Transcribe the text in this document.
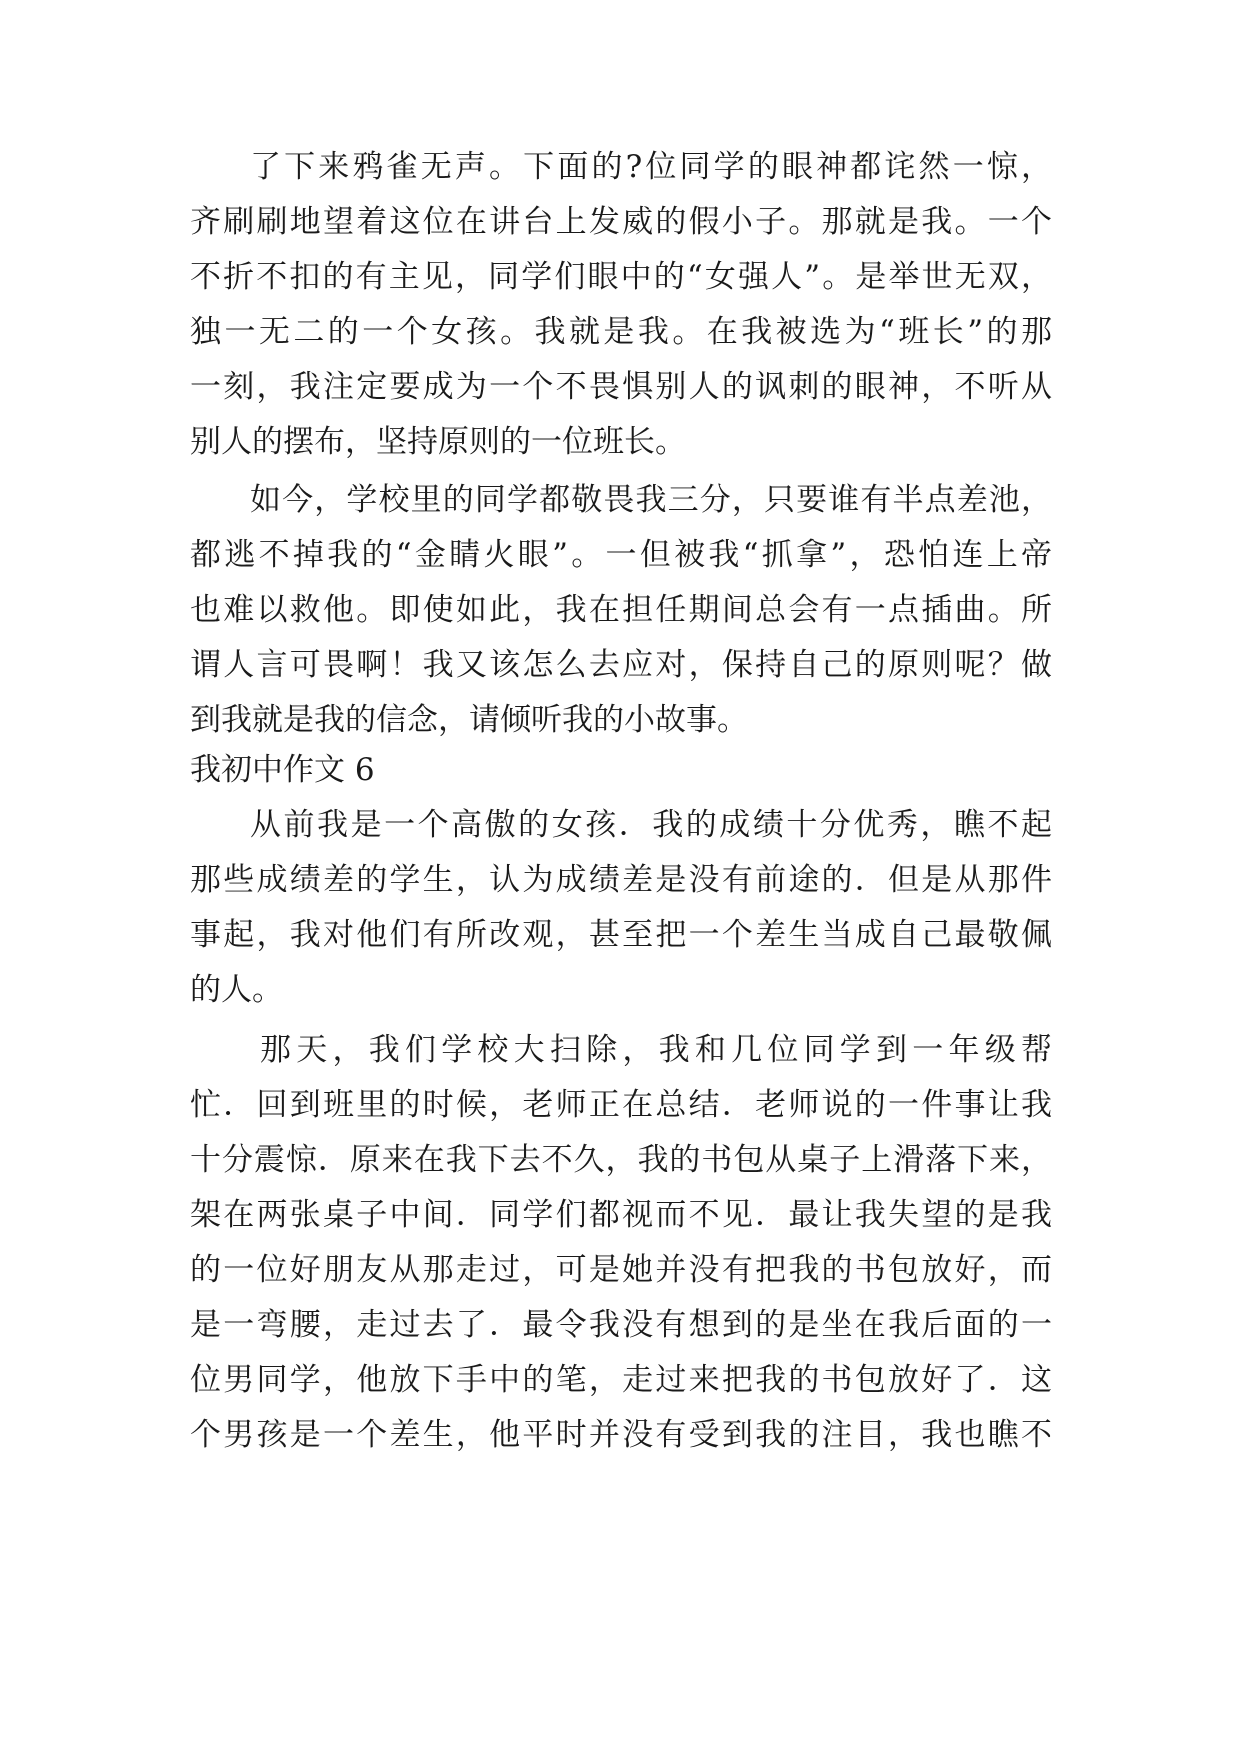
了下来鸦雀无声。下面的?位同学的眼神都诧然一惊，
齐刷刷地望着这位在讲台上发威的假小子。那就是我。一个
不折不扣的有主见，同学们眼中的“女强人”。是举世无双，
独一无二的一个女孩。我就是我。在我被选为“班长”的那
一刻，我注定要成为一个不畏惧别人的讽刺的眼神，不听从
别人的摆布，坚持原则的一位班长。
如今，学校里的同学都敬畏我三分，只要谁有半点差池，
都逃不掉我的“金睛火眼”。一但被我“抓拿”，恐怕连上帝
也难以救他。即使如此，我在担任期间总会有一点插曲。所
谓人言可畏啊！我又该怎么去应对，保持自己的原则呢？做
到我就是我的信念，请倾听我的小故事。
我初中作文 6
从前我是一个高傲的女孩．我的成绩十分优秀，瞧不起
那些成绩差的学生，认为成绩差是没有前途的．但是从那件
事起，我对他们有所改观，甚至把一个差生当成自己最敬佩
的人。
那天，我们学校大扫除，我和几位同学到一年级帮
忙．回到班里的时候，老师正在总结．老师说的一件事让我
十分震惊．原来在我下去不久，我的书包从桌子上滑落下来，
架在两张桌子中间．同学们都视而不见．最让我失望的是我
的一位好朋友从那走过，可是她并没有把我的书包放好，而
是一弯腰，走过去了．最令我没有想到的是坐在我后面的一
位男同学，他放下手中的笔，走过来把我的书包放好了．这
个男孩是一个差生，他平时并没有受到我的注目，我也瞧不
